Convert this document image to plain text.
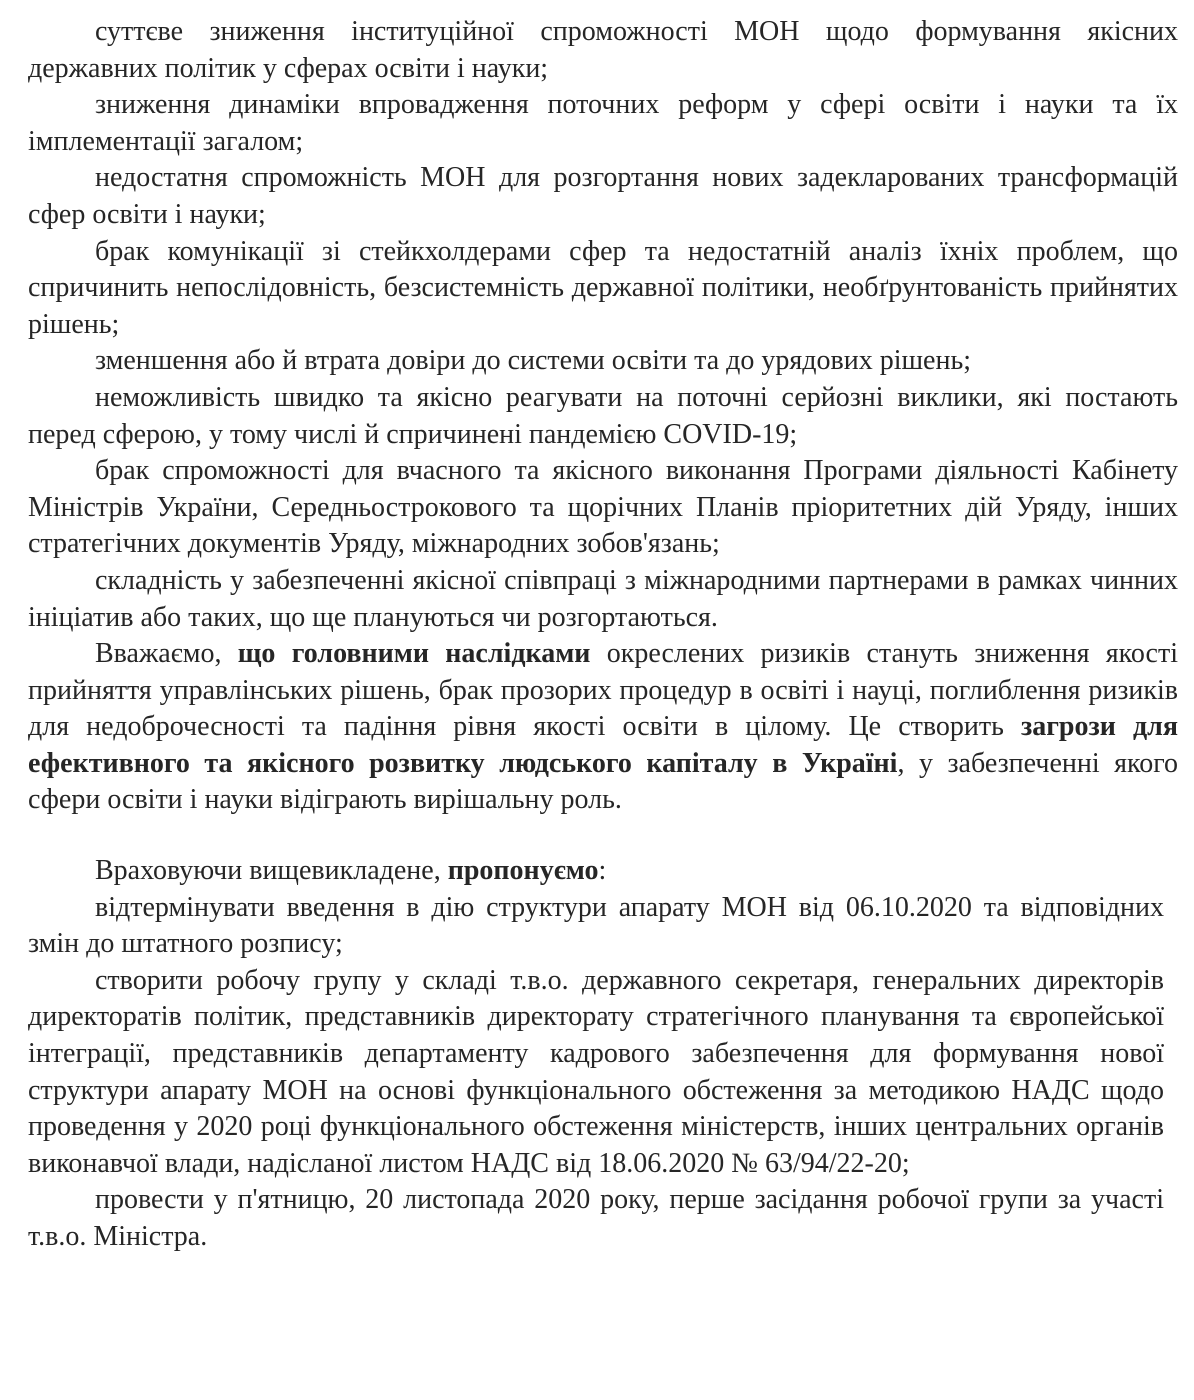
суттєве зниження інституційної спроможності МОН щодо формування якісних державних політик у сферах освіти і науки;

зниження динаміки впровадження поточних реформ у сфері освіти і науки та їх імплементації загалом;

недостатня спроможність МОН для розгортання нових задекларованих трансформацій сфер освіти і науки;

брак комунікації зі стейкхолдерами сфер та недостатній аналіз їхніх проблем, що спричинить непослідовність, безсистемність державної політики, необґрунтованість прийнятих рішень;

зменшення або й втрата довіри до системи освіти та до урядових рішень;

неможливість швидко та якісно реагувати на поточні серйозні виклики, які постають перед сферою, у тому числі й спричинені пандемією COVID-19;

брак спроможності для вчасного та якісного виконання Програми діяльності Кабінету Міністрів України, Середньострокового та щорічних Планів пріоритетних дій Уряду, інших стратегічних документів Уряду, міжнародних зобов'язань;

складність у забезпеченні якісної співпраці з міжнародними партнерами в рамках чинних ініціатив або таких, що ще плануються чи розгортаються.

Вважаємо, що головними наслідками окреслених ризиків стануть зниження якості прийняття управлінських рішень, брак прозорих процедур в освіті і науці, поглиблення ризиків для недоброчесності та падіння рівня якості освіти в цілому. Це створить загрози для ефективного та якісного розвитку людського капіталу в Україні, у забезпеченні якого сфери освіти і науки відіграють вирішальну роль.

Враховуючи вищевикладене, пропонуємо:

відтермінувати введення в дію структури апарату МОН від 06.10.2020 та відповідних змін до штатного розпису;

створити робочу групу у складі т.в.о. державного секретаря, генеральних директорів директоратів політик, представників директорату стратегічного планування та європейської інтеграції, представників департаменту кадрового забезпечення для формування нової структури апарату МОН на основі функціонального обстеження за методикою НАДС щодо проведення у 2020 році функціонального обстеження міністерств, інших центральних органів виконавчої влади, надісланої листом НАДС від 18.06.2020 № 63/94/22-20;

провести у п'ятницю, 20 листопада 2020 року, перше засідання робочої групи за участі т.в.о. Міністра.
